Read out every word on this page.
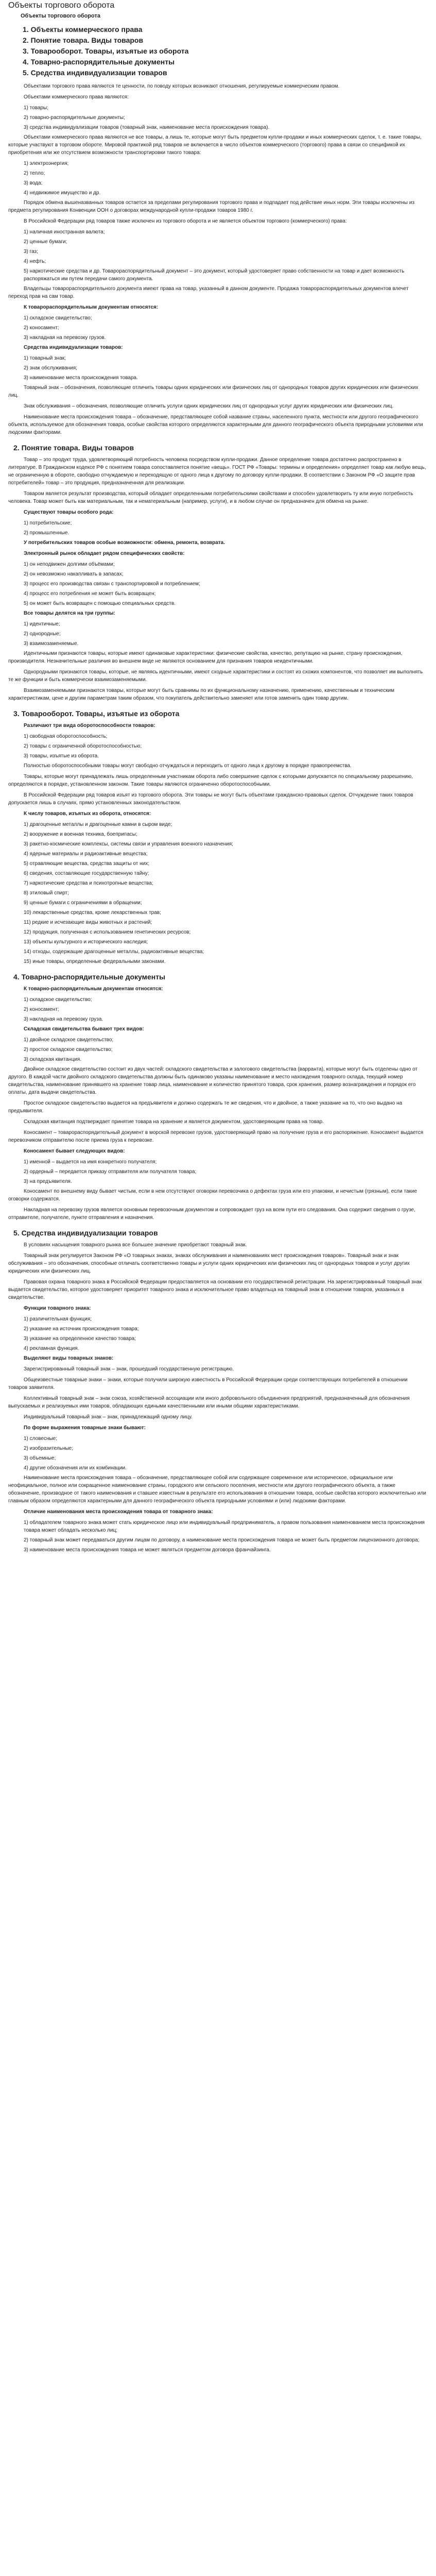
Объекты торгового оборота
Объекты торгового оборота
1. Объекты коммерческого права
2. Понятие товара. Виды товаров
3. Товарооборот. Товары, изъятые из оборота
4. Товарно-распорядительные документы
5. Средства индивидуализации товаров

Объектами торгового права являются те ценности, по поводу которых возникают отношения, регулируемые коммерческим правом.

Объектами коммерческого права являются:

1) товары;
2) товарно-распорядительные документы;
3) средства индивидуализации товаров (товарный знак, наименование места происхождения товара).

Объектами коммерческого права являются не все товары, а лишь те, которые могут быть предметом купли-продажи и иных коммерческих сделок, т. е. такие товары, которые участвуют в торговом обороте. Мировой практикой ряд товаров не включается в число объектов коммерческого (торгового) права в связи со спецификой их приобретения или же отсутствием возможности транспортировки такого товара:

1) электроэнергия;
2) тепло;
3) вода;
4) недвижимое имущество и др.

Порядок обмена вышеназванных товаров остается за пределами регулирования торгового права и подпадает под действие иных норм. Эти товары исключены из предмета регулирования Конвенции ООН о договорах международной купли-продажи товаров 1980 г.

В Российской Федерации ряд товаров также исключен из торгового оборота и не является объектом торгового (коммерческого) права:

1) наличная иностранная валюта;
2) ценные бумаги;
3) газ;
4) нефть;
5) наркотические средства и др. Товарораспорядительный документ – это документ, который удостоверяет право собственности на товар и дает возможность распоряжаться им путем передачи самого документа.

Владельцы товарораспорядительного документа имеют права на товар, указанный в данном документе. Продажа товарораспорядительных документов влечет переход прав на сам товар.

К товарораспорядительным документам относятся:

1) складское свидетельство;
2) коносамент;
3) накладная на перевозку грузов.

Средства индивидуализации товаров:

1) товарный знак;
2) знак обслуживания;
3) наименование места происхождения товара.

Товарный знак – обозначения, позволяющие отличить товары одних юридических или физических лиц от однородных товаров других юридических или физических лиц.

Знак обслуживания – обозначения, позволяющие отличить услуги одних юридических лиц от однородных услуг других юридических или физических лиц.

Наименование места происхождения товара – обозначение, представляющее собой название страны, населенного пункта, местности или другого географического объекта, используемое для обозначения товара, особые свойства которого определяются характерными для данного географического объекта природными условиями или людскими факторами.

2. Понятие товара. Виды товаров

Товар – это продукт труда, удовлетворяющий потребность человека посредством купли-продажи. Данное определение товара достаточно распространено в литературе. В Гражданском кодексе РФ с понятием товара сопоставляется понятие «вещь». ГОСТ РФ «Товары: термины и определения» определяет товар как любую вещь, не ограниченную в обороте, свободно отчуждаемую и переходящую от одного лица к другому по договору купли-продажи. В соответствии с Законом РФ «О защите прав потребителей» товар – это продукция, предназначенная для реализации.

Товаром является результат производства, который обладает определенными потребительскими свойствами и способен удовлетворить ту или иную потребность человека. Товар может быть как материальным, так и нематериальным (например, услуги), и в любом случае он предназначен для обмена на рынке.

Существуют товары особого рода:

1) потребительские;
2) промышленные.

У потребительских товаров особые возможности: обмена, ремонта, возврата.

Электронный рынок обладает рядом специфических свойств:

1) он неподвижен долгими объёмами;
2) он невозможно накапливать в запасах;
3) процесс его производства связан с транспортировкой и потреблением;
4) процесс его потребления не может быть возвращен;
5) он может быть возвращен с помощью специальных средств.

Все товары делятся на три группы:

1) идентичные;
2) однородные;
3) взаимозаменяемые.

Идентичными признаются товары, которые имеют одинаковые характеристики: физические свойства, качество, репутацию на рынке, страну происхождения, производителя. Незначительные различия во внешнем виде не являются основанием для признания товаров неидентичными.

Однородными признаются товары, которые, не являясь идентичными, имеют сходные характеристики и состоят из схожих компонентов, что позволяет им выполнять те же функции и быть коммерчески взаимозаменяемыми.

Взаимозаменяемыми признаются товары, которые могут быть сравнимы по их функциональному назначению, применению, качественным и техническим характеристикам, цене и другим параметрам таким образом, что покупатель действительно заменяет или готов заменить один товар другим.

3. Товарооборот. Товары, изъятые из оборота

Различают три вида оборотоспособности товаров:

1) свободная оборотоспособность;
2) товары с ограниченной оборотоспособностью;
3) товары, изъятые из оборота.

Полностью оборотоспособными товары могут свободно отчуждаться и переходить от одного лица к другому в порядке правопреемства.

Товары, которые могут принадлежать лишь определенным участникам оборота либо совершение сделок с которыми допускается по специальному разрешению, определяются в порядке, установленном законом. Такие товары являются ограниченно оборотоспособными.

В Российской Федерации ряд товаров изъят из торгового оборота. Эти товары не могут быть объектами гражданско-правовых сделок. Отчуждение таких товаров допускается лишь в случаях, прямо установленных законодательством.

К числу товаров, изъятых из оборота, относятся:

1) драгоценные металлы и драгоценные камни в сыром виде;
2) вооружение и военная техника, боеприпасы;
3) ракетно-космические комплексы, системы связи и управления военного назначения;
4) ядерные материалы и радиоактивные вещества;
5) отравляющие вещества, средства защиты от них;
6) сведения, составляющие государственную тайну;
7) наркотические средства и психотропные вещества;
8) этиловый спирт;
9) ценные бумаги с ограничениями в обращении;
10) лекарственные средства, кроме лекарственных трав;
11) редкие и исчезающие виды животных и растений;
12) продукция, полученная с использованием генетических ресурсов;
13) объекты культурного и исторического наследия;
14) отходы, содержащие драгоценные металлы, радиоактивные вещества;
15) иные товары, определенные федеральными законами.
4. Товарно-распорядительные документы

К товарно-распорядительным документам относятся:

1) складское свидетельство;
2) коносамент;
3) накладная на перевозку груза.

Складская свидетельства бывают трех видов:

1) двойное складское свидетельство;
2) простое складское свидетельство;
3) складская квитанция.

Двойное складское свидетельство состоит из двух частей: складского свидетельства и залогового свидетельства (варранта), которые могут быть отделены одно от другого. В каждой части двойного складского свидетельства должны быть одинаково указаны наименование и место нахождения товарного склада, текущий номер свидетельства, наименование принявшего на хранение товар лица, наименование и количество принятого товара, срок хранения, размер вознаграждения и порядок его оплаты, дата выдачи свидетельства.

Простое складское свидетельство выдается на предъявителя и должно содержать те же сведения, что и двойное, а также указание на то, что оно выдано на предъявителя.

Складская квитанция подтверждает принятие товара на хранение и является документом, удостоверяющим права на товар.

Коносамент – товарораспорядительный документ в морской перевозке грузов, удостоверяющий право на получение груза и его распоряжение. Коносамент выдается перевозчиком отправителю после приема груза к перевозке.

Коносамент бывает следующих видов:

1) именной – выдается на имя конкретного получателя;
2) ордерный – передается приказу отправителя или получателя товара;
3) на предъявителя.

Коносамент по внешнему виду бывает чистым, если в нем отсутствуют оговорки перевозчика о дефектах груза или его упаковки, и нечистым (грязным), если такие оговорки содержатся.

Накладная на перевозку грузов является основным перевозочным документом и сопровождает груз на всем пути его следования. Она содержит сведения о грузе, отправителе, получателе, пункте отправления и назначения.

5. Средства индивидуализации товаров

В условиях насыщения товарного рынка все большее значение приобретают товарный знак.

Товарный знак регулируется Законом РФ «О товарных знаках, знаках обслуживания и наименованиях мест происхождения товаров». Товарный знак и знак обслуживания – это обозначения, способные отличать соответственно товары и услуги одних юридических или физических лиц от однородных товаров и услуг других юридических или физических лиц.

Правовая охрана товарного знака в Российской Федерации предоставляется на основании его государственной регистрации. На зарегистрированный товарный знак выдается свидетельство, которое удостоверяет приоритет товарного знака и исключительное право владельца на товарный знак в отношении товаров, указанных в свидетельстве.

Функции товарного знака:

1) различительная функция;
2) указание на источник происхождения товара;
3) указание на определенное качество товара;
4) рекламная функция.

Выделяют виды товарных знаков:

Зарегистрированный товарный знак – знак, прошедший государственную регистрацию.

Общеизвестные товарные знаки – знаки, которые получили широкую известность в Российской Федерации среди соответствующих потребителей в отношении товаров заявителя.

Коллективный товарный знак – знак союза, хозяйственной ассоциации или иного добровольного объединения предприятий, предназначенный для обозначения выпускаемых и реализуемых ими товаров, обладающих едиными качественными или иными общими характеристиками.

Индивидуальный товарный знак – знак, принадлежащий одному лицу.

По форме выражения товарные знаки бывают:

1) словесные;
2) изобразительные;
3) объемные;
4) другие обозначения или их комбинации.

Наименование места происхождения товара – обозначение, представляющее собой или содержащее современное или историческое, официальное или неофициальное, полное или сокращенное наименование страны, городского или сельского поселения, местности или другого географического объекта, а также обозначение, производное от такого наименования и ставшее известным в результате его использования в отношении товара, особые свойства которого исключительно или главным образом определяются характерными для данного географического объекта природными условиями и (или) людскими факторами.

Отличие наименования места происхождения товара от товарного знака:

1) обладателем товарного знака может стать юридическое лицо или индивидуальный предприниматель, а правом пользования наименованием места происхождения товара может обладать несколько лиц;
2) товарный знак может передаваться другим лицам по договору, а наименование места происхождения товара не может быть предметом лицензионного договора;
3) наименование места происхождения товара не может являться предметом договора франчайзинга.
